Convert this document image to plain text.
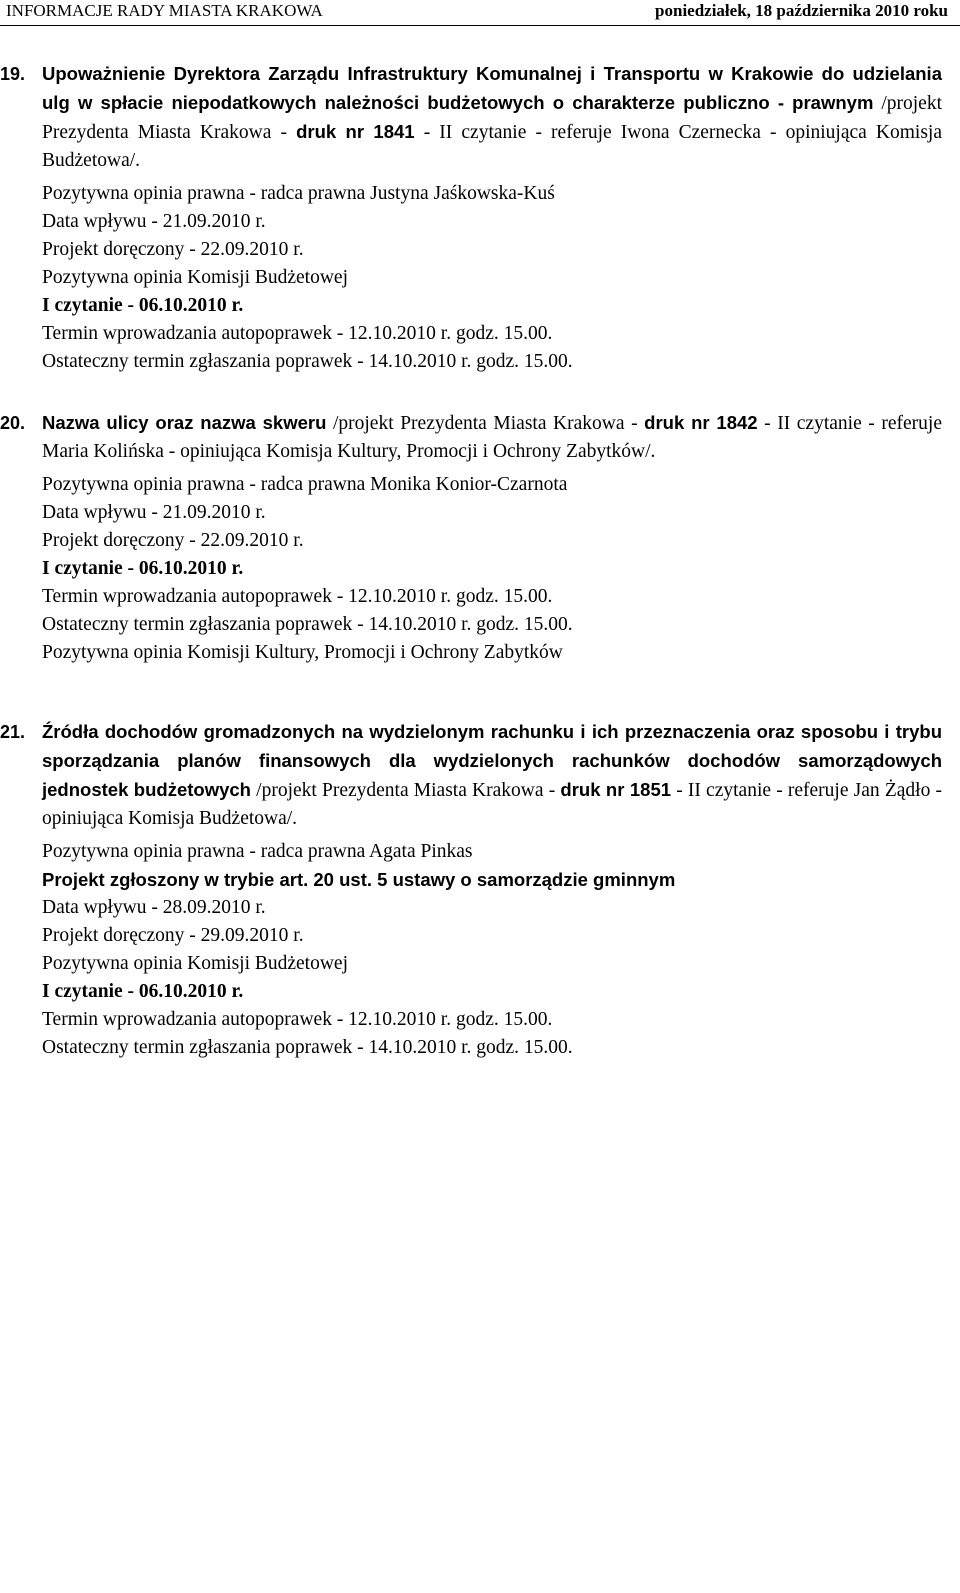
INFORMACJE RADY MIASTA KRAKOWA	poniedziałek, 18 października 2010 roku
19. Upoważnienie Dyrektora Zarządu Infrastruktury Komunalnej i Transportu w Krakowie do udzielania ulg w spłacie niepodatkowych należności budżetowych o charakterze publiczno - prawnym /projekt Prezydenta Miasta Krakowa - druk nr 1841 - II czytanie - referuje Iwona Czernecka - opiniująca Komisja Budżetowa/.
Pozytywna opinia prawna - radca prawna Justyna Jaśkowska-Kuś
Data wpływu - 21.09.2010 r.
Projekt doręczony - 22.09.2010 r.
Pozytywna opinia Komisji Budżetowej
I czytanie - 06.10.2010 r.
Termin wprowadzania autopoprawek - 12.10.2010 r. godz. 15.00.
Ostateczny termin zgłaszania poprawek - 14.10.2010 r. godz. 15.00.
20. Nazwa ulicy oraz nazwa skweru /projekt Prezydenta Miasta Krakowa - druk nr 1842 - II czytanie - referuje Maria Kolińska - opiniująca Komisja Kultury, Promocji i Ochrony Zabytków/.
Pozytywna opinia prawna - radca prawna Monika Konior-Czarnota
Data wpływu - 21.09.2010 r.
Projekt doręczony - 22.09.2010 r.
I czytanie - 06.10.2010 r.
Termin wprowadzania autopoprawek - 12.10.2010 r. godz. 15.00.
Ostateczny termin zgłaszania poprawek - 14.10.2010 r. godz. 15.00.
Pozytywna opinia Komisji Kultury, Promocji i Ochrony Zabytków
21. Źródła dochodów gromadzonych na wydzielonym rachunku i ich przeznaczenia oraz sposobu i trybu sporządzania planów finansowych dla wydzielonych rachunków dochodów samorządowych jednostek budżetowych /projekt Prezydenta Miasta Krakowa - druk nr 1851 - II czytanie - referuje Jan Żądło - opiniująca Komisja Budżetowa/.
Pozytywna opinia prawna - radca prawna Agata Pinkas
Projekt zgłoszony w trybie art. 20 ust. 5 ustawy o samorządzie gminnym
Data wpływu - 28.09.2010 r.
Projekt doręczony - 29.09.2010 r.
Pozytywna opinia Komisji Budżetowej
I czytanie - 06.10.2010 r.
Termin wprowadzania autopoprawek - 12.10.2010 r. godz. 15.00.
Ostateczny termin zgłaszania poprawek - 14.10.2010 r. godz. 15.00.
